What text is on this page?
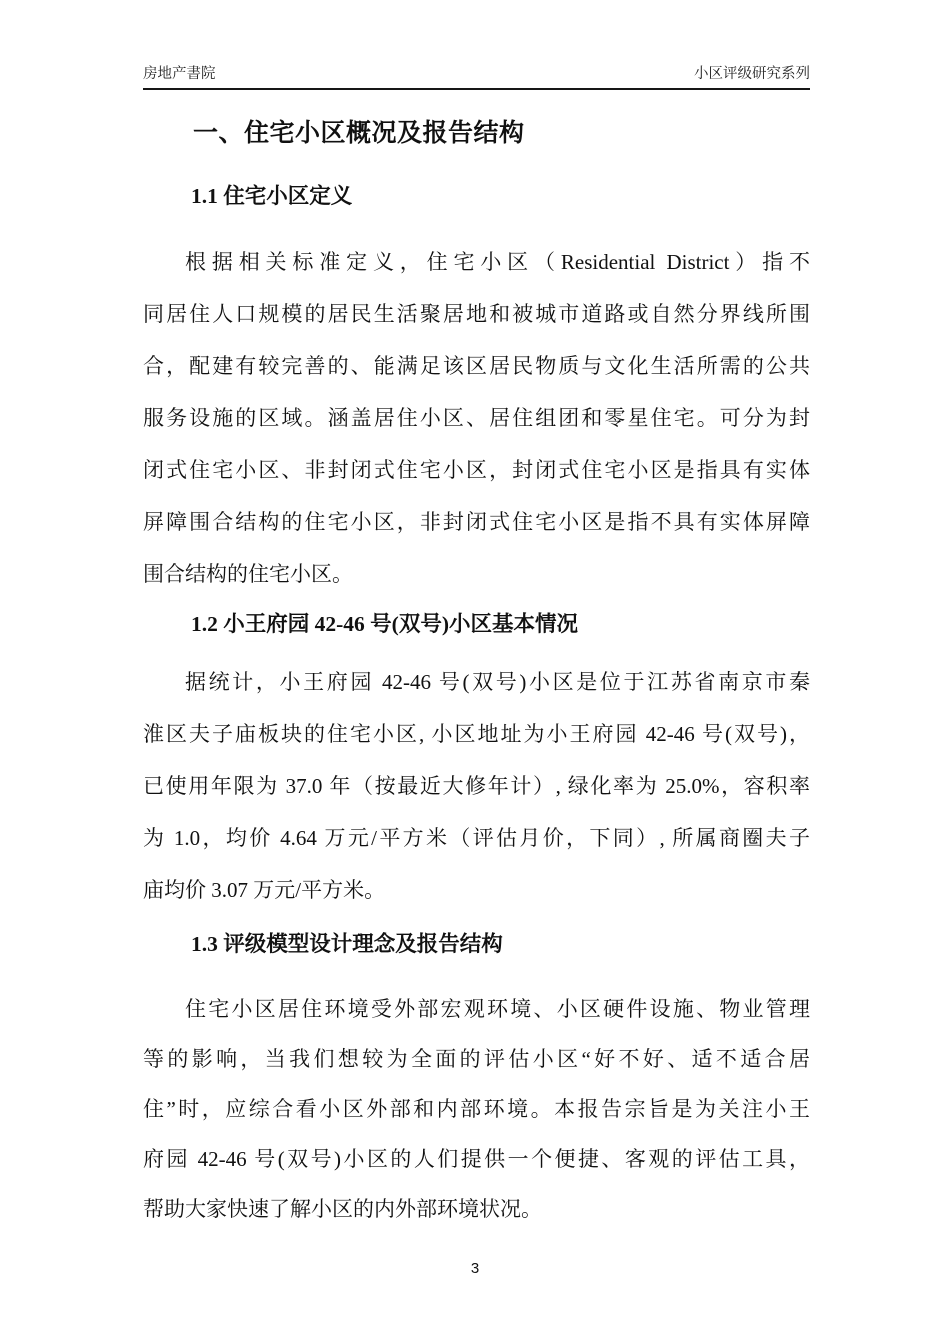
房地产書院	小区评级研究系列
一、住宅小区概况及报告结构
1.1 住宅小区定义
根据相关标准定义，住宅小区（Residential District）指不
同居住人口规模的居民生活聚居地和被城市道路或自然分界线所围
合，配建有较完善的、能满足该区居民物质与文化生活所需的公共
服务设施的区域。涵盖居住小区、居住组团和零星住宅。可分为封
闭式住宅小区、非封闭式住宅小区，封闭式住宅小区是指具有实体
屏障围合结构的住宅小区，非封闭式住宅小区是指不具有实体屏障
围合结构的住宅小区。
1.2 小王府园 42-46 号(双号)小区基本情况
据统计，小王府园 42-46 号(双号)小区是位于江苏省南京市秦
淮区夫子庙板块的住宅小区, 小区地址为小王府园 42-46 号(双号)，
已使用年限为 37.0 年（按最近大修年计）, 绿化率为 25.0%，容积率
为 1.0，均价 4.64 万元/平方米（评估月价，下同）, 所属商圈夫子
庙均价 3.07 万元/平方米。
1.3 评级模型设计理念及报告结构
住宅小区居住环境受外部宏观环境、小区硬件设施、物业管理
等的影响，当我们想较为全面的评估小区“好不好、适不适合居
住”时，应综合看小区外部和内部环境。本报告宗旨是为关注小王
府园 42-46 号(双号)小区的人们提供一个便捷、客观的评估工具，
帮助大家快速了解小区的内外部环境状况。
3
